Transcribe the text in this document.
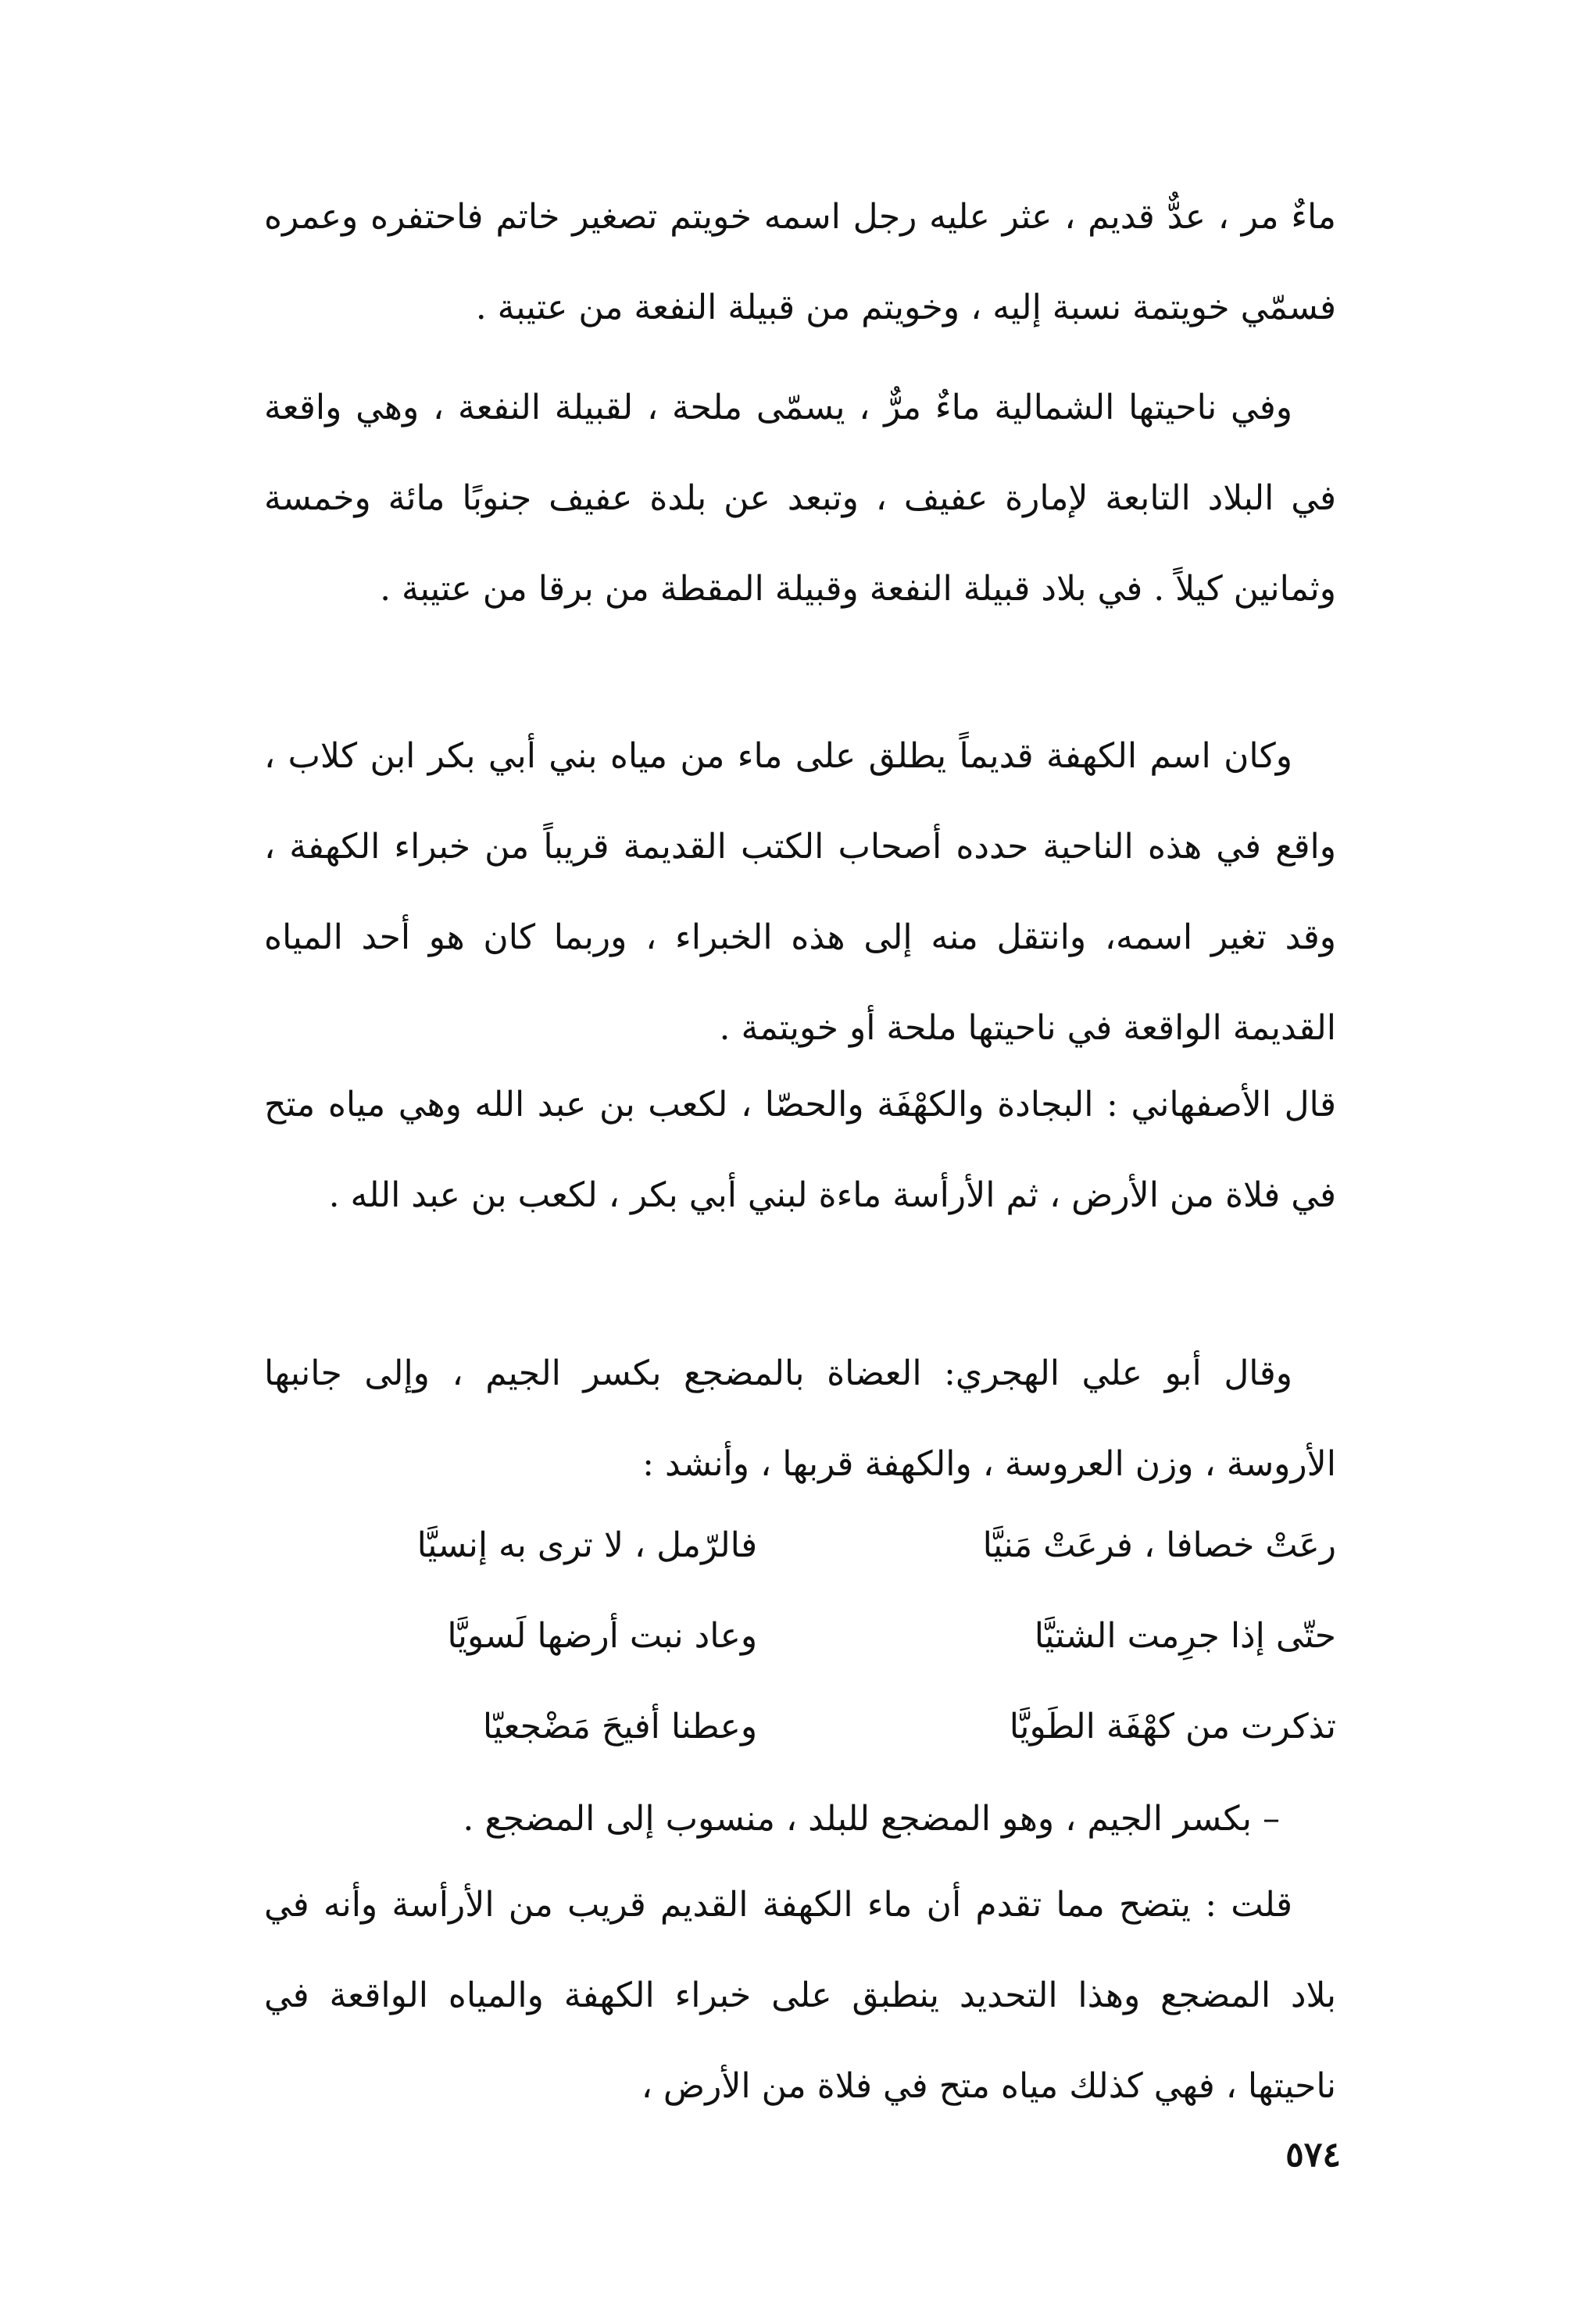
ماءٌ مر ، عدٌّ قديم ، عثر عليه رجل اسمه خويتم تصغير خاتم فاحتفره وعمره فسمّي خويتمة نسبة إليه ، وخويتم من قبيلة النفعة من عتيبة .

وفي ناحيتها الشمالية ماءٌ مرٌّ ، يسمّى ملحة ، لقبيلة النفعة ، وهي واقعة في البلاد التابعة لإمارة عفيف ، وتبعد عن بلدة عفيف جنوبًا مائة وخمسة وثمانين كيلاً . في بلاد قبيلة النفعة وقبيلة المقطة من برقا من عتيبة .

وكان اسم الكهفة قديماً يطلق على ماء من مياه بني أبي بكر ابن كلاب ، واقع في هذه الناحية حدده أصحاب الكتب القديمة قريباً من خبراء الكهفة ، وقد تغير اسمه، وانتقل منه إلى هذه الخبراء ، وربما كان هو أحد المياه القديمة الواقعة في ناحيتها ملحة أو خويتمة .

قال الأصفهاني : البجادة والكهْفَة والحصّا ، لكعب بن عبد الله وهي مياه متح في فلاة من الأرض ، ثم الأرأسة ماءة لبني أبي بكر ، لكعب بن عبد الله .

وقال أبو علي الهجري: العضاة بالمضجع بكسر الجيم ، وإلى جانبها الأروسة ، وزن العروسة ، والكهفة قربها ، وأنشد :

رعَتْ خصافا ، فرعَتْ مَنيَّا
فالرّمل ، لا ترى به إنسيَّا
حتّى إذا جرِمت الشتيَّا
وعاد نبت أرضها لَسويَّا
تذكرت من كهْفَة الطَويَّا
وعطنا أفيحَ مَضْجعيّا
– بكسر الجيم ، وهو المضجع للبلد ، منسوب إلى المضجع .

قلت : يتضح مما تقدم أن ماء الكهفة القديم قريب من الأرأسة وأنه في بلاد المضجع وهذا التحديد ينطبق على خبراء الكهفة والمياه الواقعة في ناحيتها ، فهي كذلك مياه متح في فلاة من الأرض ،

٥٧٤
